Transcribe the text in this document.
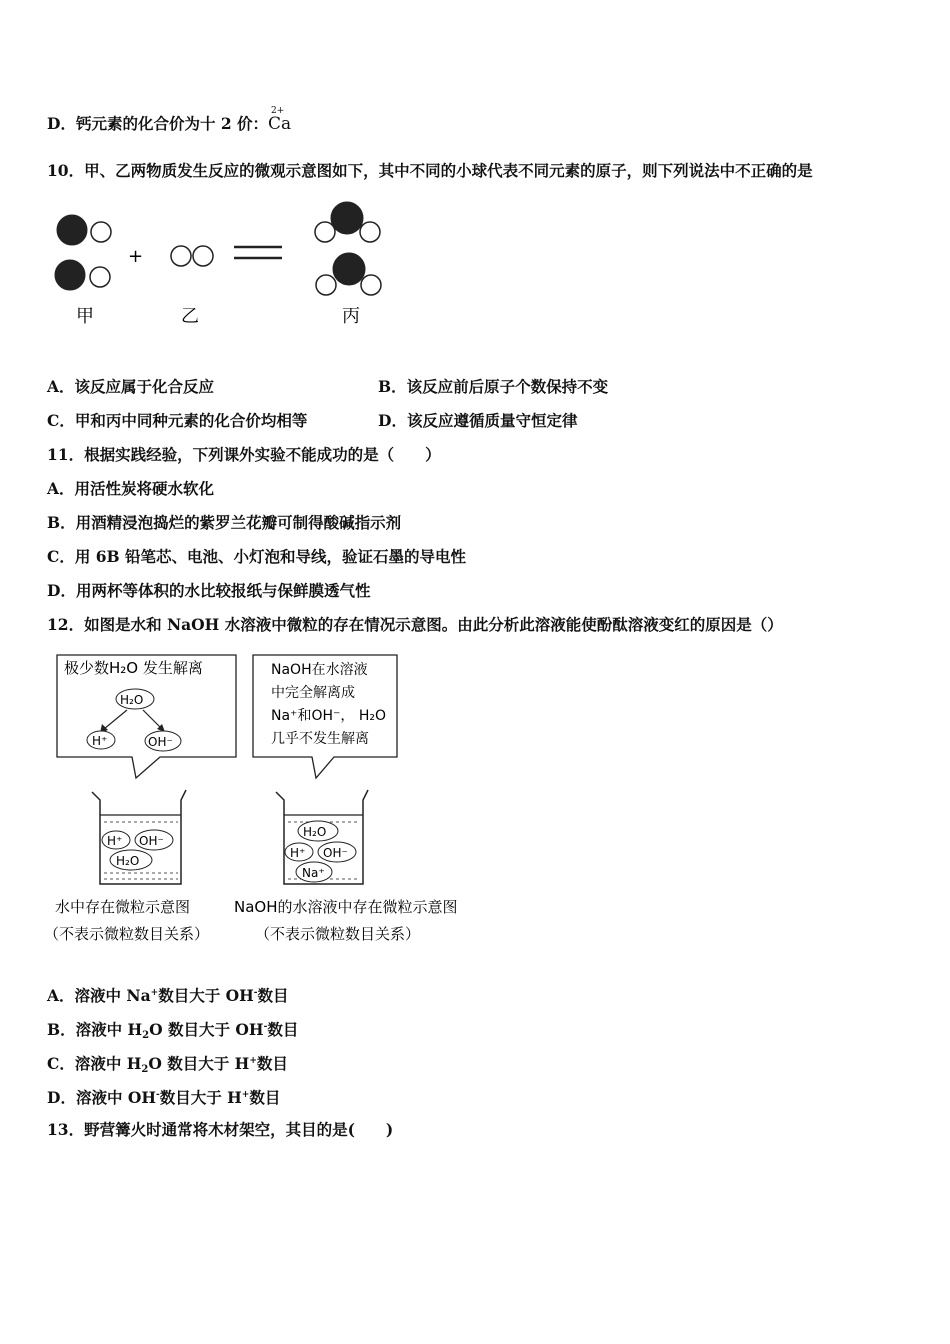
D．钙元素的化合价为十 2 价：
2+
Ca
10．甲、乙两物质发生反应的微观示意图如下，其中不同的小球代表不同元素的原子，则下列说法中不正确的是
+
甲	乙	丙
A．该反应属于化合反应	B．该反应前后原子个数保持不变
C．甲和丙中同种元素的化合价均相等	D．该反应遵循质量守恒定律
11．根据实践经验，下列课外实验不能成功的是（　　）
A．用活性炭将硬水软化
B．用酒精浸泡捣烂的紫罗兰花瓣可制得酸碱指示剂
C．用 6B 铅笔芯、电池、小灯泡和导线，验证石墨的导电性
D．用两杯等体积的水比较报纸与保鲜膜透气性
12．如图是水和 NaOH 水溶液中微粒的存在情况示意图。由此分析此溶液能使酚酞溶液变红的原因是（）
极少数H₂O 发生解离
H₂O
H⁺	OH⁻
NaOH在水溶液
中完全解离成
Na⁺和OH⁻， H₂O
几乎不发生解离
H⁺ OH⁻
H₂O
H₂O
H⁺ OH⁻
Na⁺
水中存在微粒示意图
（不表示微粒数目关系）
NaOH的水溶液中存在微粒示意图
（不表示微粒数目关系）
A．溶液中 Na+数目大于 OH-数目
B．溶液中 $H_2O$ 数目大于 OH-数目
C．溶液中 $H_2O$ 数目大于 H+数目
D．溶液中 OH-数目大于 H+数目
13．野营篝火时通常将木材架空，其目的是(　　)
